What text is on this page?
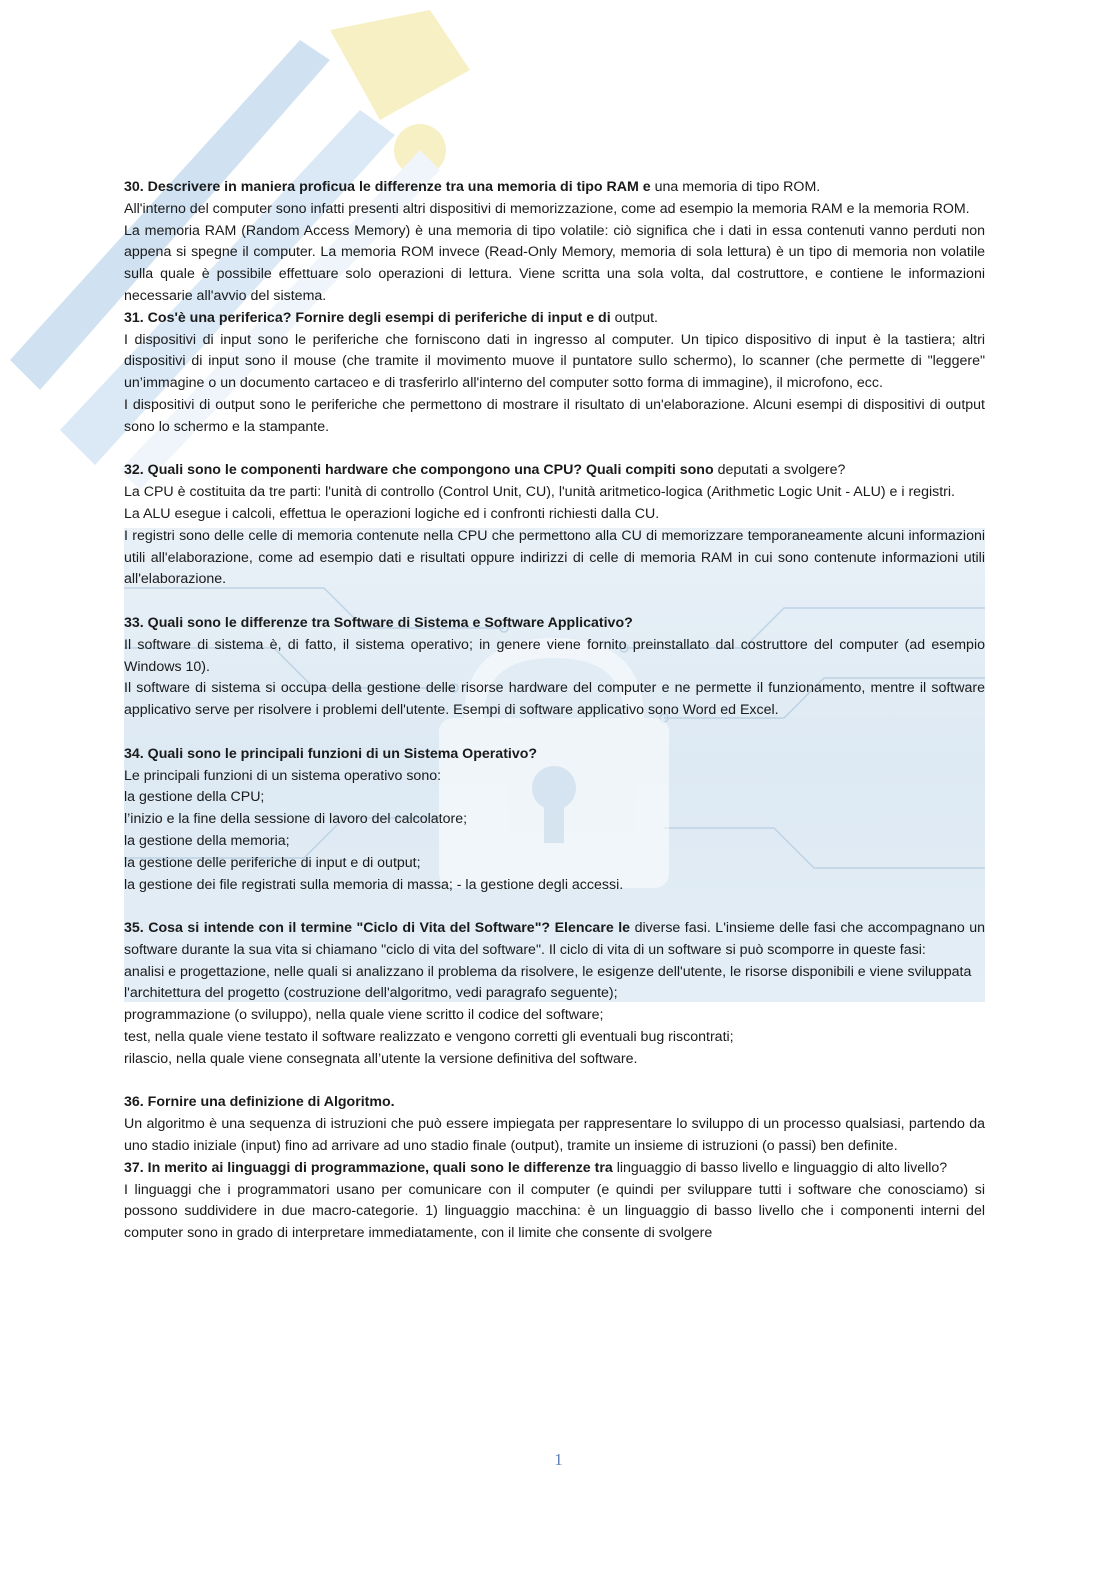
30. Descrivere in maniera proficua le differenze tra una memoria di tipo RAM e una memoria di tipo ROM.

All'interno del computer sono infatti presenti altri dispositivi di memorizzazione, come ad esempio la memoria RAM e la memoria ROM.

La memoria RAM (Random Access Memory) è una memoria di tipo volatile: ciò significa che i dati in essa contenuti vanno perduti non appena si spegne il computer. La memoria ROM invece (Read-Only Memory, memoria di sola lettura) è un tipo di memoria non volatile sulla quale è possibile effettuare solo operazioni di lettura. Viene scritta una sola volta, dal costruttore, e contiene le informazioni necessarie all'avvio del sistema.

31. Cos'è una periferica? Fornire degli esempi di periferiche di input e di output.

I dispositivi di input sono le periferiche che forniscono dati in ingresso al computer. Un tipico dispositivo di input è la tastiera; altri dispositivi di input sono il mouse (che tramite il movimento muove il puntatore sullo schermo), lo scanner (che permette di "leggere" un’immagine o un documento cartaceo e di trasferirlo all'interno del computer sotto forma di immagine), il microfono, ecc.

I dispositivi di output sono le periferiche che permettono di mostrare il risultato di un'elaborazione. Alcuni esempi di dispositivi di output sono lo schermo e la stampante.

32. Quali sono le componenti hardware che compongono una CPU? Quali compiti sono deputati a svolgere?

La CPU è costituita da tre parti: l'unità di controllo (Control Unit, CU), l'unità aritmetico-logica (Arithmetic Logic Unit - ALU) e i registri.

La ALU esegue i calcoli, effettua le operazioni logiche ed i confronti richiesti dalla CU.

I registri sono delle celle di memoria contenute nella CPU che permettono alla CU di memorizzare temporaneamente alcuni informazioni utili all'elaborazione, come ad esempio dati e risultati oppure indirizzi di celle di memoria RAM in cui sono contenute informazioni utili all'elaborazione.

33. Quali sono le differenze tra Software di Sistema e Software Applicativo?

Il software di sistema è, di fatto, il sistema operativo; in genere viene fornito preinstallato dal costruttore del computer (ad esempio Windows 10).

Il software di sistema si occupa della gestione delle risorse hardware del computer e ne permette il funzionamento, mentre il software applicativo serve per risolvere i problemi dell'utente. Esempi di software applicativo sono Word ed Excel.

34. Quali sono le principali funzioni di un Sistema Operativo?

Le principali funzioni di un sistema operativo sono:

la gestione della CPU;

l’inizio e la fine della sessione di lavoro del calcolatore;

la gestione della memoria;

la gestione delle periferiche di input e di output;

la gestione dei file registrati sulla memoria di massa; - la gestione degli accessi.

35. Cosa si intende con il termine "Ciclo di Vita del Software"? Elencare le diverse fasi. L'insieme delle fasi che accompagnano un software durante la sua vita si chiamano "ciclo di vita del software". Il ciclo di vita di un software si può scomporre in queste fasi:

analisi e progettazione, nelle quali si analizzano il problema da risolvere, le esigenze dell'utente, le risorse disponibili e viene sviluppata l'architettura del progetto (costruzione dell'algoritmo, vedi paragrafo seguente);

programmazione (o sviluppo), nella quale viene scritto il codice del software;

test, nella quale viene testato il software realizzato e vengono corretti gli eventuali bug riscontrati;

rilascio, nella quale viene consegnata all’utente la versione definitiva del software.

36. Fornire una definizione di Algoritmo.

Un algoritmo è una sequenza di istruzioni che può essere impiegata per rappresentare lo sviluppo di un processo qualsiasi, partendo da uno stadio iniziale (input) fino ad arrivare ad uno stadio finale (output), tramite un insieme di istruzioni (o passi) ben definite.

37. In merito ai linguaggi di programmazione, quali sono le differenze tra linguaggio di basso livello e linguaggio di alto livello?

I linguaggi che i programmatori usano per comunicare con il computer (e quindi per sviluppare tutti i software che conosciamo) si possono suddividere in due macro-categorie. 1) linguaggio macchina: è un linguaggio di basso livello che i componenti interni del computer sono in grado di interpretare immediatamente, con il limite che consente di svolgere

1
